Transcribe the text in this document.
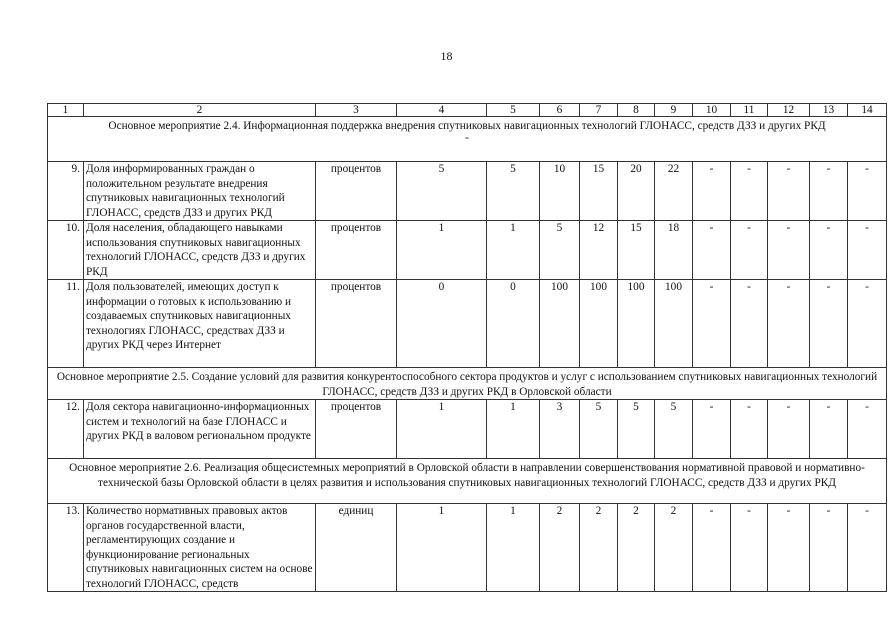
18
1	2	3	4	5	6	7	8	9	10	11	12	13	14
Основное мероприятие 2.4. Информационная поддержка внедрения спутниковых навигационных технологий ГЛОНАСС, средств ДЗЗ и других РКД
-													

9.	Доля информированных граждан о положительном результате внедрения спутниковых навигационных технологий ГЛОНАСС, средств ДЗЗ и других РКД	процентов	5	5	10	15	20	22	-	-	-	-	-
10.	Доля населения, обладающего навыками использования спутниковых навигационных технологий ГЛОНАСС, средств ДЗЗ и других РКД	процентов	1	1	5	12	15	18	-	-	-	-	-
11.	Доля пользователей, имеющих доступ к информации о готовых к использованию и создаваемых спутниковых навигационных технологиях ГЛОНАСС, средствах ДЗЗ и других РКД через Интернет	процентов	0	0	100	100	100	100	-	-	-	-	-
Основное мероприятие 2.5. Создание условий для развития конкурентоспособного сектора продуктов и услуг с использованием спутниковых навигационных технологий ГЛОНАСС, средств ДЗЗ и других РКД в Орловской области													
12.	Доля сектора навигационно-информационных систем и технологий на базе ГЛОНАСС и других РКД в валовом региональном продукте	процентов	1	1	3	5	5	5	-	-	-	-	-
Основное мероприятие 2.6. Реализация общесистемных мероприятий в Орловской области в направлении совершенствования нормативной правовой и нормативно-технической базы Орловской области в целях развития и использования спутниковых навигационных технологий ГЛОНАСС, средств ДЗЗ и других РКД													
13.	Количество нормативных правовых актов органов государственной власти, регламентирующих создание и функционирование региональных спутниковых навигационных систем на основе технологий ГЛОНАСС, средств	единиц	1	1	2	2	2	2	-	-	-	-	-
